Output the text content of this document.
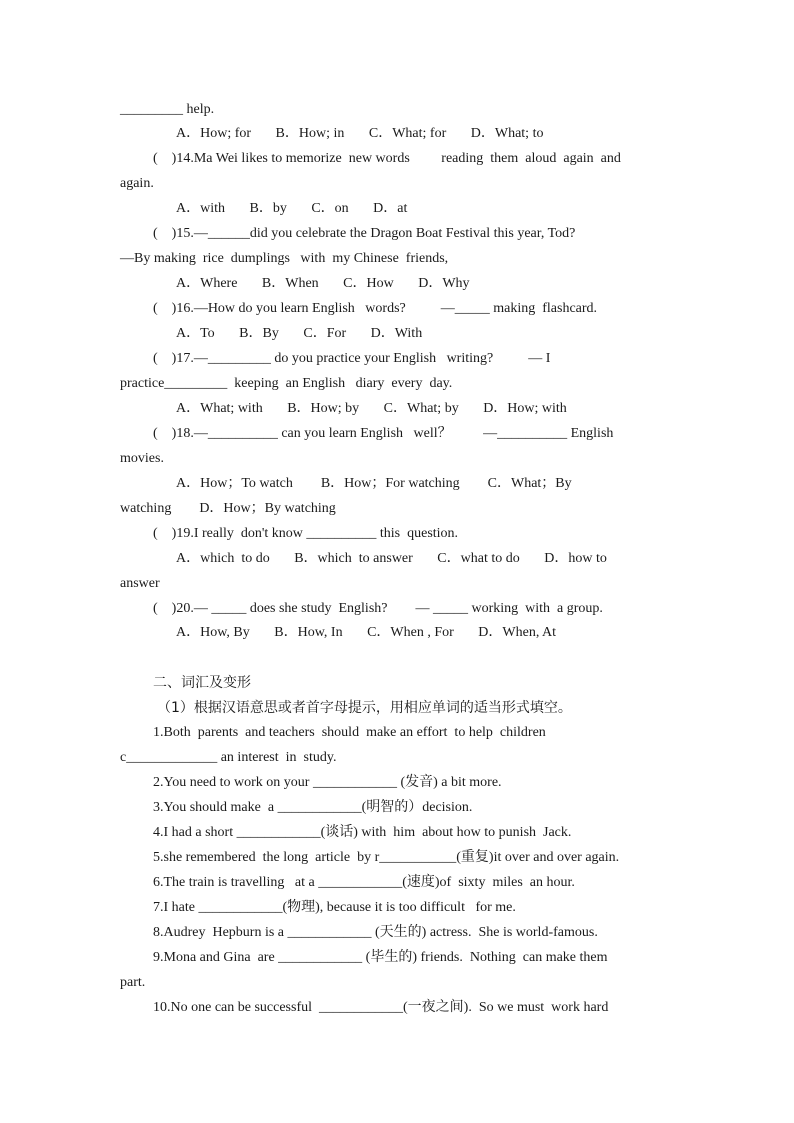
_________ help.
A．How; for       B．How; in       C．What; for       D．What; to
(    )14.Ma Wei likes to memorize  new words         reading  them  aloud  again  and
again.
A．with       B．by       C．on       D．at
(    )15.—______did you celebrate the Dragon Boat Festival this year, Tod?
—By making  rice  dumplings   with  my Chinese  friends,
A．Where       B．When       C．How       D．Why
(    )16.—How do you learn English   words?          —_____ making  flashcard.
A．To       B．By       C．For       D．With
(    )17.—_________ do you practice your English   writing?          — I
practice_________  keeping  an English   diary  every  day.
A．What; with       B．How; by       C．What; by       D．How; with
(    )18.—__________ can you learn English   well？         —__________ English
movies.
A．How；To watch        B．How；For watching        C．What；By
watching        D．How；By watching
(    )19.I really  don't know __________ this  question.
A．which  to do       B．which  to answer       C．what to do       D．how to
answer
(    )20.— _____ does she study  English?        — _____ working  with  a group.
A．How, By       B．How, In       C．When , For       D．When, At
二、词汇及变形
（1）根据汉语意思或者首字母提示，用相应单词的适当形式填空。
1.Both  parents  and teachers  should  make an effort  to help  children
c_____________ an interest  in  study.
2.You need to work on your ____________ (发音) a bit more.
3.You should make  a ____________(明智的）decision.
4.I had a short ____________(谈话) with  him  about how to punish  Jack.
5.she remembered  the long  article  by r___________(重复)it over and over again.
6.The train is travelling   at a ____________(速度)of  sixty  miles  an hour.
7.I hate ____________(物理), because it is too difficult   for me.
8.Audrey  Hepburn is a ____________ (天生的) actress.  She is world-famous.
9.Mona and Gina  are ____________ (毕生的) friends.  Nothing  can make them
part.
10.No one can be successful  ____________(一夜之间).  So we must  work hard
